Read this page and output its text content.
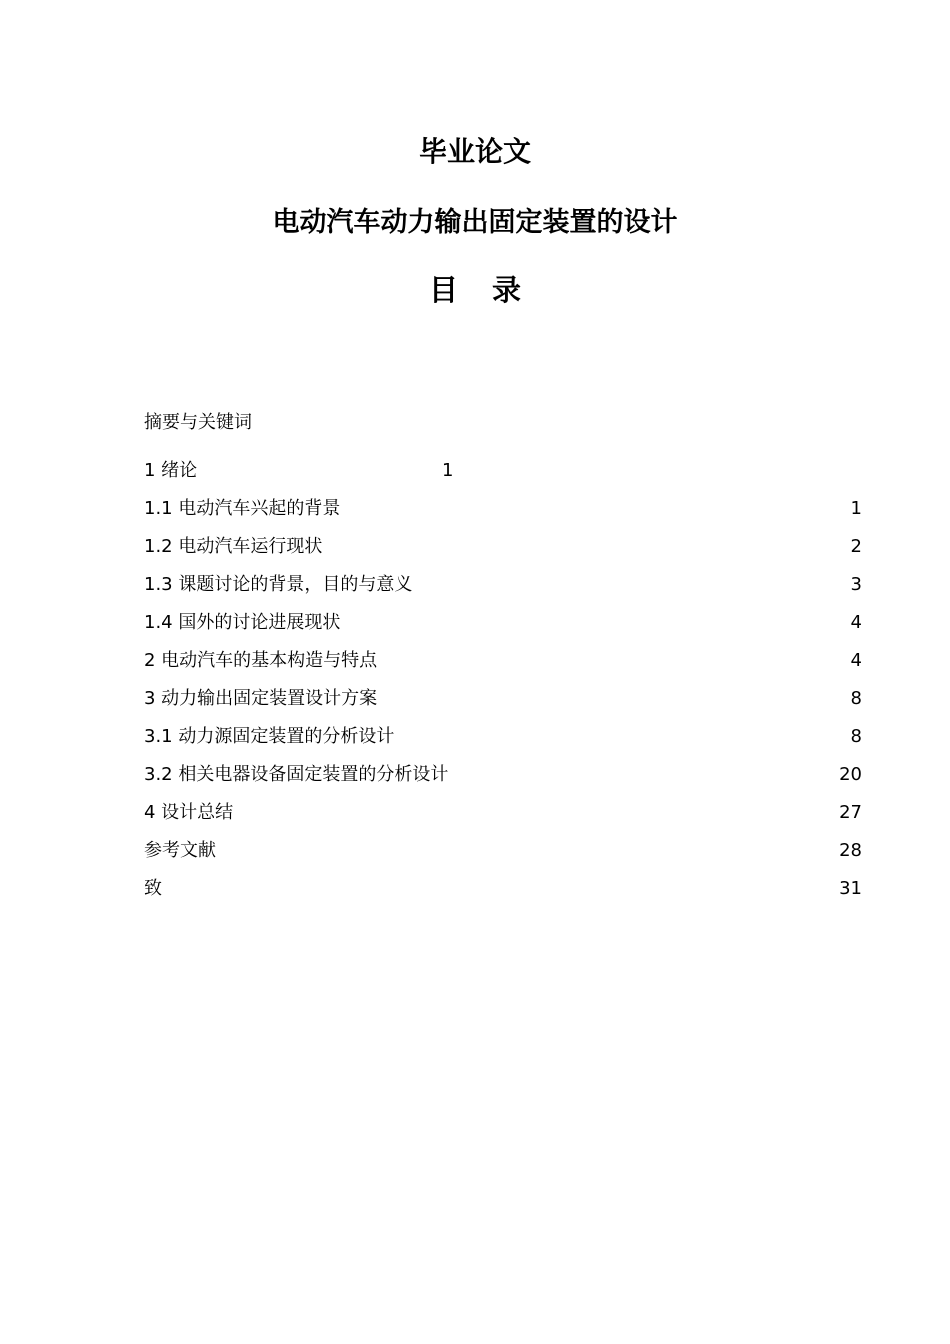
毕业论文
电动汽车动力输出固定装置的设计
目录
摘要与关键词
1 绪论	1
1.1 电动汽车兴起的背景	1
1.2 电动汽车运行现状	2
1.3 课题讨论的背景，目的与意义	3
1.4 国外的讨论进展现状	4
2 电动汽车的基本构造与特点	4
3 动力输出固定装置设计方案	8
3.1 动力源固定装置的分析设计	8
3.2 相关电器设备固定装置的分析设计	20
4 设计总结	27
参考文献	28
致	31
